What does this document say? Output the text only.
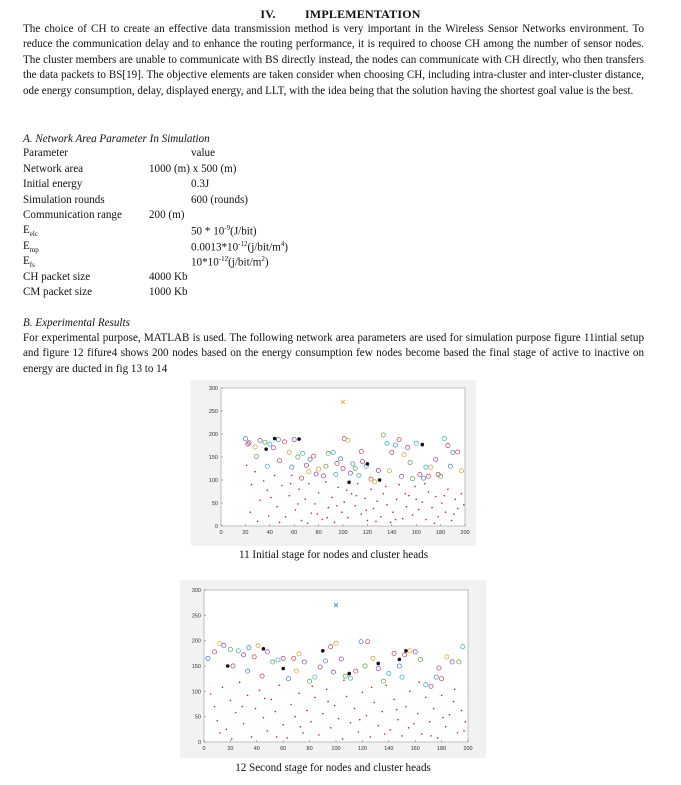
IV. IMPLEMENTATION
The choice of CH to create an effective data transmission method is very important in the Wireless Sensor Networks environment. To reduce the communication delay and to enhance the routing performance, it is required to choose CH among the number of sensor nodes. The cluster members are unable to communicate with BS directly instead, the nodes can communicate with CH directly, who then transfers the data packets to BS[19]. The objective elements are taken consider when choosing CH, including intra-cluster and inter-cluster distance, ode energy consumption, delay, displayed energy, and LLT, with the idea being that the solution having the shortest goal value is the best.
A. Network Area Parameter In Simulation
Parameter	value
Network area	1000 (m) x 500 (m)
Initial energy	0.3J
Simulation rounds	600 (rounds)
Communication range 200 (m)
$E_{elc}$	$50 * 10^{-9}(J/bit)$
$E_{mp}$	$0.0013*10^{-12}(j/bit/m^4)$
$E_{fs}$	$10*10^{-12}(j/bit/m^2)$
CH packet size	4000 Kb
CM packet size	1000 Kb
B. Experimental Results
For experimental purpose, MATLAB is used. The following network area parameters are used for simulation purpose figure 11intial setup and figure 12 fifure4 shows 200 nodes based on the energy consumption few nodes become based the final stage of active to inactive on energy are ducted in fig 13 to 14
0	20	40	60	80	100	120	140	160	180	200
0
50
100
150
200
250
300
11 Initial stage for nodes and cluster heads
0	20	40	60	80	100	120	140	160	180	200
0
50
100
150
200
250
300
12 Second stage for nodes and cluster heads
